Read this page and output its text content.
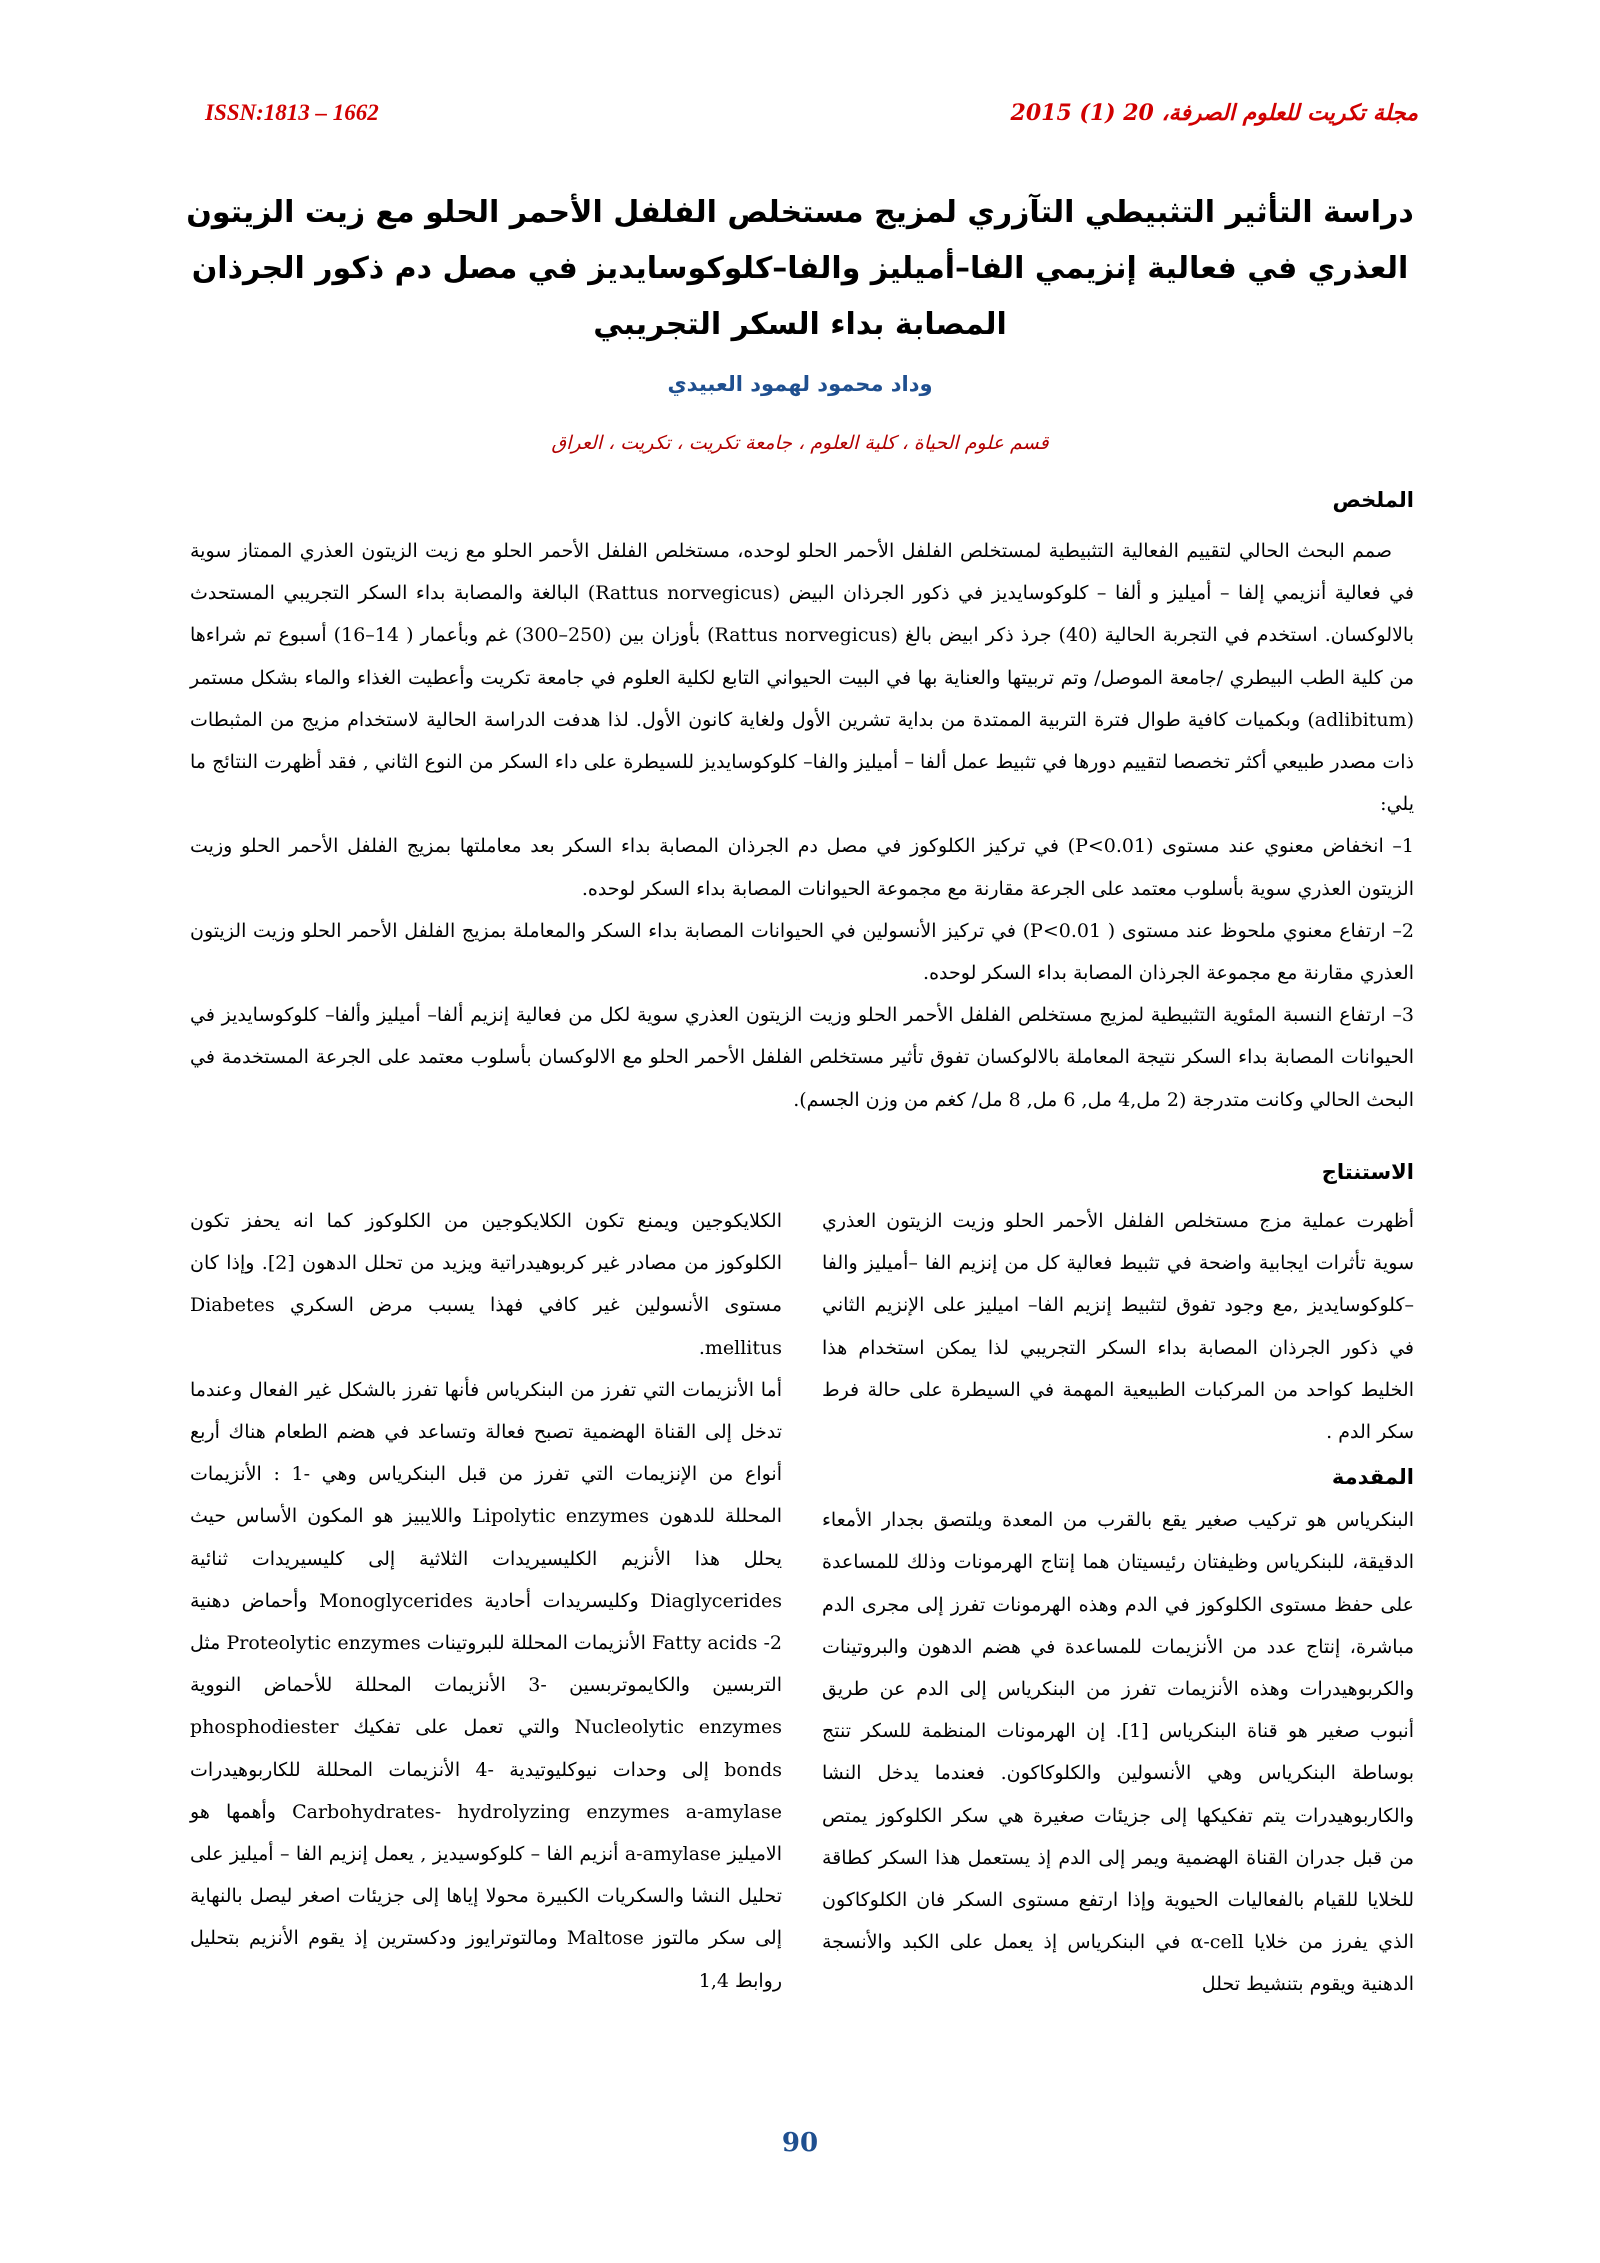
مجلة تكريت للعلوم الصرفة، 20 (1) 2015
ISSN:1813 – 1662
دراسة التأثير التثبيطي التآزري لمزيج مستخلص الفلفل الأحمر الحلو مع زيت الزيتون العذري في فعالية إنزيمي الفا–أميليز والفا–كلوكوسايديز في مصل دم ذكور الجرذان المصابة بداء السكر التجريبي
وداد محمود لهمود العبيدي
قسم علوم الحياة ، كلية العلوم ، جامعة تكريت ، تكريت ، العراق
الملخص

صمم البحث الحالي لتقييم الفعالية التثبيطية لمستخلص الفلفل الأحمر الحلو لوحده، مستخلص الفلفل الأحمر الحلو مع زيت الزيتون العذري الممتاز سوية في فعالية أنزيمي إلفا – أميليز و ألفا – كلوكوسايديز في ذكور الجرذان البيض (Rattus norvegicus) البالغة والمصابة بداء السكر التجريبي المستحدث بالالوكسان. استخدم في التجربة الحالية (40) جرذ ذكر ابيض بالغ (Rattus norvegicus) بأوزان بين (250–300) غم وبأعمار ( 14–16) أسبوع تم شراءها من كلية الطب البيطري /جامعة الموصل/ وتم تربيتها والعناية بها في البيت الحيواني التابع لكلية العلوم في جامعة تكريت وأعطيت الغذاء والماء بشكل مستمر (adlibitum) وبكميات كافية طوال فترة التربية الممتدة من بداية تشرين الأول ولغاية كانون الأول. لذا هدفت الدراسة الحالية لاستخدام مزيج من المثبطات ذات مصدر طبيعي أكثر تخصصا لتقييم دورها في تثبيط عمل ألفا – أميليز والفا– كلوكوسايديز للسيطرة على داء السكر من النوع الثاني , فقد أظهرت النتائج ما يلي:

1– انخفاض معنوي عند مستوى (P<0.01) في تركيز الكلوكوز في مصل دم الجرذان المصابة بداء السكر بعد معاملتها بمزيج الفلفل الأحمر الحلو وزيت الزيتون العذري سوية بأسلوب معتمد على الجرعة مقارنة مع مجموعة الحيوانات المصابة بداء السكر لوحده.

2– ارتفاع معنوي ملحوظ عند مستوى ( P<0.01) في تركيز الأنسولين في الحيوانات المصابة بداء السكر والمعاملة بمزيج الفلفل الأحمر الحلو وزيت الزيتون العذري مقارنة مع مجموعة الجرذان المصابة بداء السكر لوحده.

3– ارتفاع النسبة المئوية التثبيطية لمزيج مستخلص الفلفل الأحمر الحلو وزيت الزيتون العذري سوية لكل من فعالية إنزيم ألفا– أميليز وألفا– كلوكوسايديز في الحيوانات المصابة بداء السكر نتيجة المعاملة بالالوكسان تفوق تأثير مستخلص الفلفل الأحمر الحلو مع الالوكسان بأسلوب معتمد على الجرعة المستخدمة في البحث الحالي وكانت متدرجة (2 مل,4 مل, 6 مل, 8 مل/ كغم من وزن الجسم).

الاستنتاج

أظهرت عملية مزج مستخلص الفلفل الأحمر الحلو وزيت الزيتون العذري سوية تأثرات ايجابية واضحة في تثبيط فعالية كل من إنزيم الفا –أميليز والفا –كلوكوسايديز ,مع وجود تفوق لتثبيط إنزيم الفا– اميليز على الإنزيم الثاني في ذكور الجرذان المصابة بداء السكر التجريبي لذا يمكن استخدام هذا الخليط كواحد من المركبات الطبيعية المهمة في السيطرة على حالة فرط سكر الدم .

المقدمة

البنكرياس هو تركيب صغير يقع بالقرب من المعدة ويلتصق بجدار الأمعاء الدقيقة، للبنكرياس وظيفتان رئيسيتان هما إنتاج الهرمونات وذلك للمساعدة على حفظ مستوى الكلوكوز في الدم وهذه الهرمونات تفرز إلى مجرى الدم مباشرة، إنتاج عدد من الأنزيمات للمساعدة في هضم الدهون والبروتينات والكربوهيدرات وهذه الأنزيمات تفرز من البنكرياس إلى الدم عن طريق أنبوب صغير هو قناة البنكرياس [1]. إن الهرمونات المنظمة للسكر تنتج بوساطة البنكرياس وهي الأنسولين والكلوكاكون. فعندما يدخل النشا والكاربوهيدرات يتم تفكيكها إلى جزيئات صغيرة هي سكر الكلوكوز يمتص من قبل جدران القناة الهضمية ويمر إلى الدم إذ يستعمل هذا السكر كطاقة للخلايا للقيام بالفعاليات الحيوية وإذا ارتفع مستوى السكر فان الكلوكاكون الذي يفرز من خلايا α-cell في البنكرياس إذ يعمل على الكبد والأنسجة الدهنية ويقوم بتنشيط تحلل

الكلايكوجين ويمنع تكون الكلايكوجين من الكلوكوز كما انه يحفز تكون الكلوكوز من مصادر غير كربوهيدراتية ويزيد من تحلل الدهون [2]. وإذا كان مستوى الأنسولين غير كافي فهذا يسبب مرض السكري Diabetes mellitus.

أما الأنزيمات التي تفرز من البنكرياس فأنها تفرز بالشكل غير الفعال وعندما تدخل إلى القناة الهضمية تصبح فعالة وتساعد في هضم الطعام هناك أربع أنواع من الإنزيمات التي تفرز من قبل البنكرياس وهي -1 : الأنزيمات المحللة للدهون Lipolytic enzymes واللايبيز هو المكون الأساس حيث يحلل هذا الأنزيم الكليسيريدات الثلاثية إلى كليسيريدات ثنائية Diaglycerides وكليسريدات أحادية Monoglycerides وأحماض دهنية Fatty acids -2 الأنزيمات المحللة للبروتينات Proteolytic enzymes مثل التربسين والكايموتربسين -3 الأنزيمات المحللة للأحماض النووية Nucleolytic enzymes والتي تعمل على تفكيك phosphodiester bonds إلى وحدات نيوكليوتيدية -4 الأنزيمات المحللة للكاربوهيدرات Carbohydrates- hydrolyzing enzymes a-amylase وأهمها هو الاميليز a-amylase أنزيم الفا – كلوكوسيديز , يعمل إنزيم الفا – أميليز على تحليل النشا والسكريات الكبيرة محولا إياها إلى جزيئات اصغر ليصل بالنهاية إلى سكر مالتوز Maltose ومالتوترايوز ودكسترين إذ يقوم الأنزيم بتحليل روابط 1,4

90
